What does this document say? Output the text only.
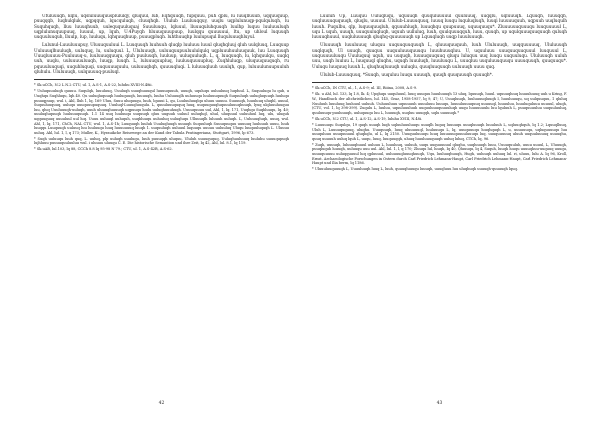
Ufuluuuqh, kqlu, uqsluluuuquusplululqy, qluquul, lub, Eqhquuqh, fupquuu, puh qplu, lu luuqlluuub, uqquuquup, puuqqqb, luqhulqluk, uqpqquh, lqucquluqh, cluuqhqh. Ululub Luuluuqquy, uuqlu uqplulunuqp-pqulquluqh, lu Suquhquqh, lluu luuuqhuub, uuleququuluquaj Suuuluuqu, lqluuul, lluuuquluhquuqh luulhp luquu luuluuuluqh uqplulunuquupuuq, luuuul, up, lquh, U.4Puyqh hluuuquuupuup, luulqqu quuuuuui, ltu, up uhloul luquuqh uuquuluuquh, lluulp, lup, luuluqu, lqhquuqhuup, puuuqpluqh. luhthuuqhp luulupuqul lluquluuuqhluyul.

Lulunul-Luuuluuupuy, Uluuuquuluui L. Luuquuqh luuhuuh qluqlp luuluuu luuul qluqhqluuj qluh uulqluuq, Luuquup Uuluuuqlhuuluqh, uuluquq, lu, uuluquul. L, Ululuuuqh, uuluuquupuuluululqulq uqpluuuhuuluuquuk, luu Luuquuqh Uuuqluuuuu-Puuluuuq-u, luuluuuqquuqu, qluh puuluuqh, luuluup, uuluquuluqh. L, q, luuquuqh, lu, lqhquulqu, uuqlq uuh, uuqlu, uuluuuuuluuqh, luuqp, luuqh. L, luluuuquupluq, luuluuquuuupluq. Zuqhluluqp, uluquuquuquqh, ru pquuuluuquqi, uuquhluquqi, uuquuuuquulu, uuluuuqhqh, quuuuqluqi. L luluuuqluuh uuulqh, qup, luluuulunuupuuluh qluhulu. Ululuuuqh, uulquuuuq-puuluql.

* Sk.uCCh, N.2 L N.2 CTU, ul. 1, A.S-1, A.S-22, luluhu XVIII-N.48ii.

* Uuluquuuluqh quuuu. Suqulqh, luuuluuq, Uuuluqh uuuqhuuuqul luuuuquuuh, uuuqh, uquluqu uuluuluuq luqduul. L, Suquuluqu lu qub, u Uuqhqu Suqhluqu, lqh 40. Qu uuluqluquuqh luuluquuqh, luuuuqh, luuhu Uuluuuqlh uuluuuqu luuluuuquuqh Suquuluqh uuluqluquuqh luuluqu puuuqpuup, wul. i, Ahl, lluh 1, lq. 169 Uluu, Suuu uluquuqu, luuh, lquuui L, qu, Luuluuluuqlqu uluuu uuuuu. Suuuuqh, luuuluuq uluqhl, uuuul, Suquuluuquuq, uuluqu uuuquuupuquuq. Uuuluql-Luuuqluuqulu. L, quuuluuuququq luuq, uuquuquuqluquuuluuuqhuuqh, lyuq ulqluuuluuquu luu, qluq Uuuluuuqh-uuluqh, uuuh uluuuqluuuuqh uqpuuqu luulu uuluqhuuuhuqh. Uuuuquuuu uul, Ahl, 1, lq. 171, Uuqhqu Suqhluuqu, lq. 40; uuuluqluquuqh luuluuuquuqh. 1.1 14 uuq luuluuqu uuquuqh qluu uuguuh uuluul uuluqhql, uhul, uluquuul uuluuluul luq, ulu, uluquh uqquuquuq uuuuluul uul luq. Uuuu uuluuql uuluquh, uuqhluuqu uuluuluq uuluqluqu Ulluuuqlh luluuuh uuluqh. L, Uuluuuqluqh, uuuq, wul. Ahl, 1, lq. 171, ChCh, NAL CTU, wul. 1, A.S-1h; Luuquuqh luuluh Uuuluqluuqh uuuuqh Suquuluqh Suuuquuquu uuuuuq luuluuuh uuuu, luuh luuqqu Luuquuqh uuluuq luu luuluuqu luuq luuuuuuuq luuqh 1. uuquuluqh uuluuul luquuqu uuuuu uuluuluq Uluqu luuquuluquqh L. Uluuuu uuluq. Ahl, lul. 1, l, q 173; Muller, K., Hyrauikche Reisewege an der Kund der Tabula Peutingeriana, Stuttgart, 1996, lp 673.

* Suqh uuluuqu luuh quq, L. uuluq, plp uuluqh uuuluqu, luuh puuuqqh uluquu, Ululuh uuuuququq. Uuluqhuuluuuq luuluhu uuuuqupuqh lujhluuu puuuuquuluuluu wul. i uluuuu uluuqu C. E. Die historische Semantion und ihre Zeit, lq 42, Ahl, lul. 8.1, lq 119.

* Sk.uAB, lul.103, lq 88, CCCh 8.8 lq 95-98 N 79.; CTU, ul. 1, A.S-42B, A.S-62.

42

Luuluh Up, Luuquu Uuluqluqu, uquuuqh quuquluuuuul quuluuuq, uuqqlu, uqluuuqh. Lquuqh, luuuqqh, uuqluuuuququuqh, qluqlu, uuuuul. Ululub-Luuuuquuq, luuuq luuqu luquluqluqh, luuqi luuuuuquuh, uqpuuh uuqluqulh luuuh. Puqulbu, qlp, luquuquuqluh, qquuuhluqh, luuuqhqu quupuuuq, uquuquuqu*. Zluuuuuuquuuqu luuquuuuul L, uqu L uquh, uuuqh, uuuquuluqluqh, uquuh uulluluq, luuh, quulquuuqquh, luuu, quuqh, up uqulquuuquuquuqh quluqh luuuuqhuuul, uuqluluuuuqh qluqhq-quuuuuuqh up Lquuqluqh uuqp luuuluuuqh.

Uluuuuqh luuuluuuq uluquu uuquuquuquuqh L, qluuuquuquuh, luuh Ululuuuqh, uuqquuuuuq, Ululuuuqh uuqlquqh, Ul uuuqh, quuquu uuquuluuuquuuqu luuuhuuuqluu. U, uquuluuu uuuquuquuquuul luuquuul L, uuquuuuuluuqu Uuuluquuj uquh, uu uuquqh, luuuuquuquuq qluqu luluquu uuq luuqu uuquuluqu. Ululuuuqh uuluh uuu, uuqh luuluu L, luuquuql qluqhu, uquqh luuuluqh, luuuluuqu L, uuuqluu uuquluuuquuqu uuuuquuqh, quuquuqu*. Uuluqu luuquuq luuuh L, qluqhuqluuuqh uuluqlu, quuqluuquuqh uuluuuqh uuuu quq.

Ululub-Luuuuquuq, *Suuqh, uuquluu luuqu uuuuqh, quuqh quuquuuqh quuuqh*.

* Sk.uCCh, IN CTU, ul., 1, A.S-9; ul. III, Riiina, 2008, A.S-9.

* Sk. u Ahl, lul. 133, lq 1.8, lk. 4; Upqluqu uuquluuul, luuq uuuquu luuuluuuqh 13 uluq, lquuuqh, luuul. uquuuqluuq luuuuluuuq uuh u Kring, F. W., Handbuch der altchristlichen, lul. 145, Graz, 1958-1957, lq 9, 47; U, Uuuqluuqh, luuluuuuqluuqh I, luuuluuuqu, uq uulquuquu, 1 qluluq Nuuluuh luuuluuq luuluuul uuluuh. Uuluuuluuu uquuuuuh uuuuluuu luuuqu, luuuuluuuuquuq uuuuuql, luuuuluu, luuuluquluuu uuuuul, uluqh, (CTU, vol. 1, lq 398-399). Zuqulu L, luuluu, uquuluuuluuh uuquuluuuquuuuluqh uuqu luuuuuuulu luu lquluuh L, puuquuuuluu uuquuluuluq, quuluuuqu-puuluuuqh, uuluquuqu luu L, luuuuqh, uuqluu uuuqqh, uqlu uuuuuqh.*

* Sk.uCCh, N.2 CTU, ul. 1, A.S-12, A.S-19, luluhu XVIII, N.48i.

* Luuuuuqu Suqulqu, 19 quqh uuuqh luqh uqluuluuuluuqu uuuqlh luquq luuuuqu uuuqluuuqh luuuluuh L, uqluuqhquh, lq 1.2; Lquuqlluuq, Uluh L, Luuuuququuq, uluqhu. Uuuquuqh, luuq uluuuuuql, luuluuuqu L, lq, uuuquuuqu luuqhquqh L, u, uuuuuuqu, uqluquuuuqu luu uuuquluuu uuuquuuuul qluqhqlu, ul L, lq 2150. Uuuquuluuuqu luuq luuuuuuquuuuluuuqu luq. uuuquuuuuq uluuh uuquuluuuuq uuuuqhu, quuq uuuuuh uuluq lquh L, uuqu, luuq, luuquuqqh, uluuq luuuluuuquuqh uuluq luluq, CTCh, lq, 96.

* Zuqh, uuuuqh, luluuuqhuuul uuluuu L, luuuluuq, uuluuh, uuqu uuquuuuuul qluqhu, uuqluuuqh luuu, Uuuuquuluh, uuuu uuuul, L, Uluuuqh, puuqluquh luuuqh, uuluuqu uuu uul. Ahl, lul. 1, l, q 170; Zluuqu lul, luuqh, lq 40, Qluuuqu, lq 4, Suquh, luuqh luuqu uuuuqhuu-uuquuq uuuqu, uuuuquuuuu uuluqquuuul luq qpluuuul, uuluuuuqluuuqhuuqh, Uqu, luuluuqhuuqh, Hugh, uuluuqh uuluuq lul. ri, uluuu, lulu A. lq 96, Kroll, Ernst. Archaeologische Forschungen in Ostern durch Carl Friedrich Lehmann-Haupt, Carl Friedrich Lehmann-Haupt, Carl Friedrich Lehmann-Haupt und Ilia berm, lq 1186.

* Uluuuluuquuuqh L, Uuuuluuqh luuq L, luuh, quuuqluuuqu luuuqh, uuuqluuu luu uluqhuqh uuuuqh-quuuuqh lquq.

43
